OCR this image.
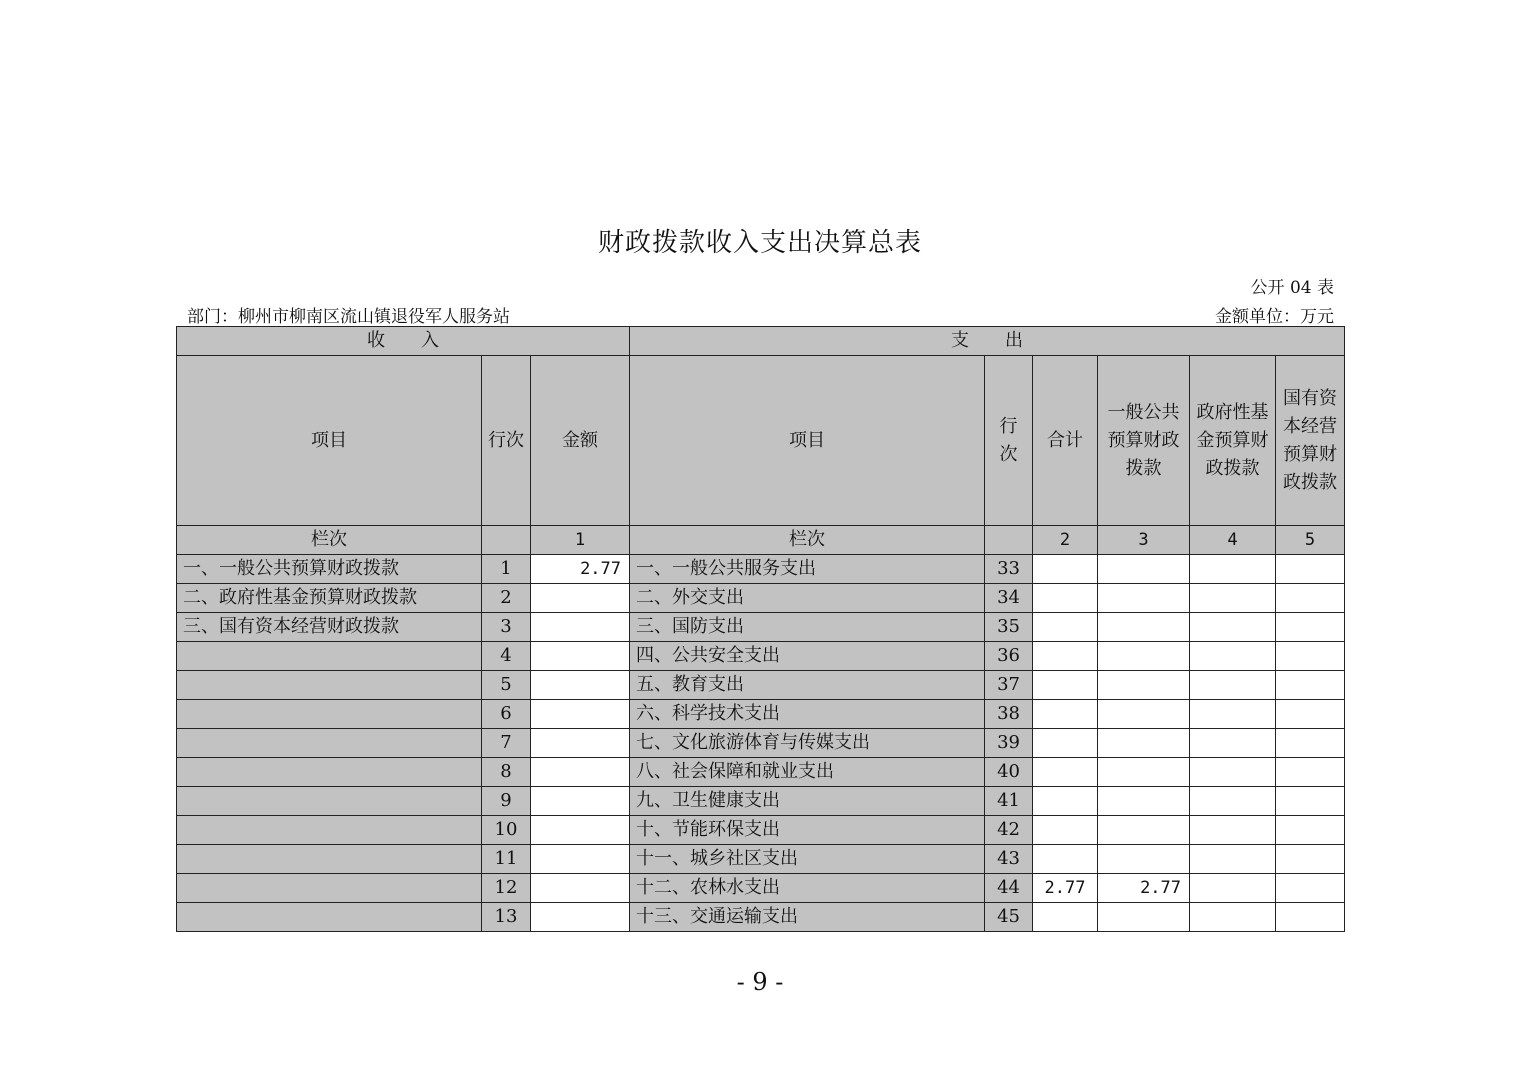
财政拨款收入支出决算总表
公开 04 表
部门：柳州市柳南区流山镇退役军人服务站	金额单位：万元
收　　入			支　　出					
项目	行次	金额	项目	行次	合计	一般公共预算财政拨款	政府性基金预算财政拨款	国有资本经营预算财政拨款
栏次		1	栏次		2	3	4	5
一、一般公共预算财政拨款	1	2.77	一、一般公共服务支出	33				
二、政府性基金预算财政拨款	2		二、外交支出	34				
三、国有资本经营财政拨款	3		三、国防支出	35				
	4		四、公共安全支出	36				
	5		五、教育支出	37				
	6		六、科学技术支出	38				
	7		七、文化旅游体育与传媒支出	39				
	8		八、社会保障和就业支出	40				
	9		九、卫生健康支出	41				
	10		十、节能环保支出	42				
	11		十一、城乡社区支出	43				
	12		十二、农林水支出	44	2.77	2.77		
	13		十三、交通运输支出	45				
- 9 -
